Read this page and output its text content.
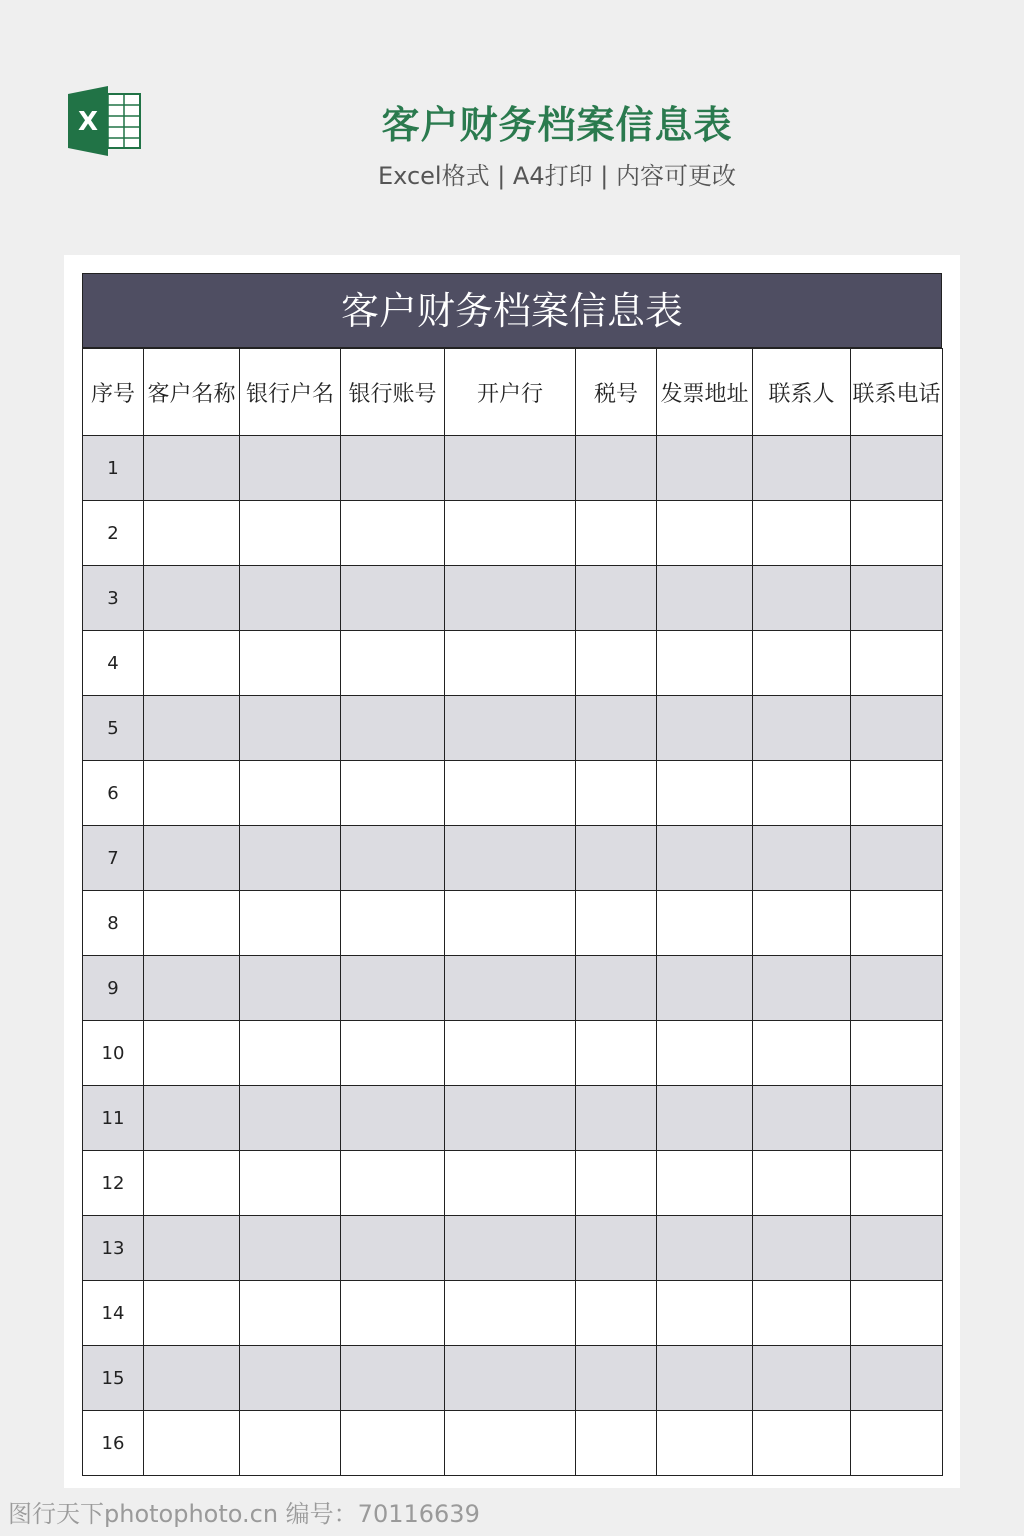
X	客户财务档案信息表
Excel格式 | A4打印 | 内容可更改
客户财务档案信息表
序号	客户名称	银行户名	银行账号	开户行	税号	发票地址	联系人	联系电话
1								
2								
3								
4								
5								
6								
7								
8								
9								
10								
11								
12								
13								
14								
15								
16								
图行天下photophoto.cn 编号：70116639
